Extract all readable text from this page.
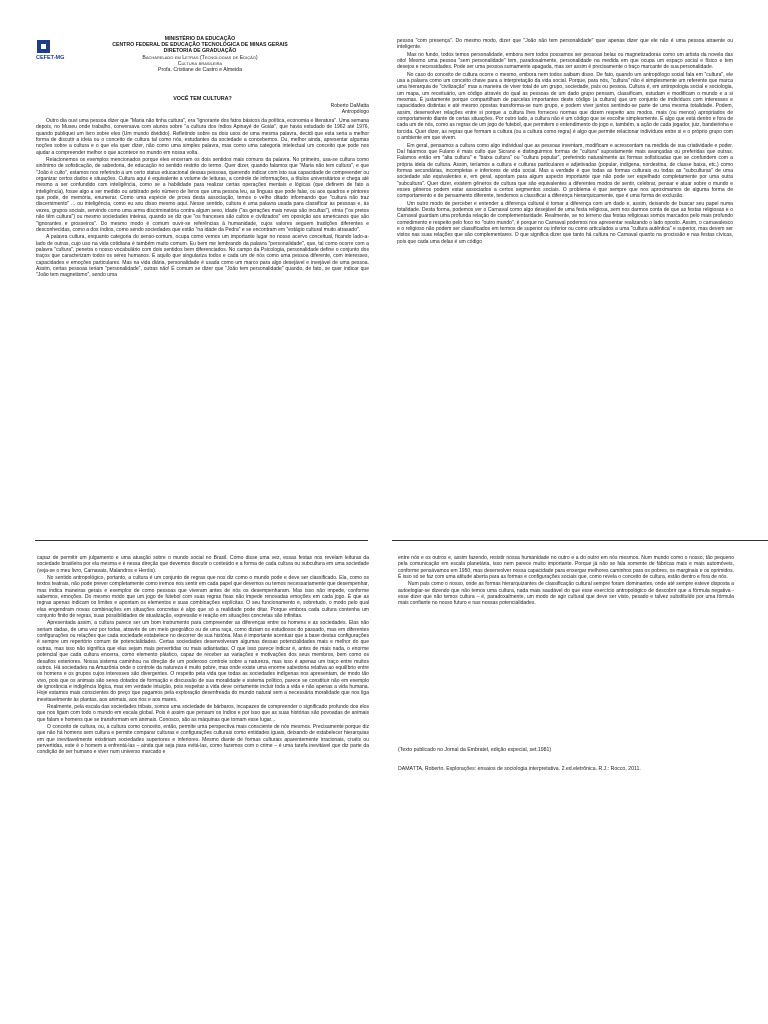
CEFET-MG
MINISTÉRIO DA EDUCAÇÃO
CENTRO FEDERAL DE EDUCAÇÃO TECNOLÓGICA DE MINAS GERAIS
DIRETORIA DE GRADUAÇÃO
Bacharelado em Letras (Tecnologias de Edição)
Cultura brasileira
Profa. Cristiane de Castro e Almeida
VOCÊ TEM CULTURA?
Roberto DaMatta
Antropólogo

Outro dia ouvi uma pessoa dizer que "Maria não tinha cultura", era "ignorante dos fatos básicos da política, economia e literatura". Uma semana depois, no Museu onde trabalho, conversava com alunos sobre "a cultura dos índios Apinayé de Goiás", que havia estudado de 1962 até 1976, quando publiquei um livro sobre eles (Um mundo dividido). Refletindo sobre os dois usos de uma mesma palavra, decidi que esta seria a melhor forma de discutir a ideia ou o conceito de cultura tal como nós, estudantes da sociedade a concebemos. Ou, melhor ainda, apresentar algumas noções sobre a cultura e o que ela quer dizer, não como uma simples palavra, mas como uma categoria intelectual um conceito que pode nos ajudar a compreender melhor o que acontece no mundo em nossa volta.

Relacionemos os exemplos mencionados porque eles encerram os dois sentidos mais comuns da palavra. No primeiro, usa-se cultura como sinônimo de sofisticação, de sabedoria, de educação no sentido restrito do termo. Quer dizer, quando falamos que "Maria não tem cultura", e que "João é culto", estamos nos referindo a um certo status educacional dessas pessoas, querendo indicar com isto sua capacidade de compreender ou organizar certos dados e situações. Cultura aqui é equivalente a volume de leituras, a controle de informações, a títulos universitários e chega até mesmo a ser confundido com inteligência, como se a habilidade para realizar certas operações mentais e lógicas (que definem de fato a inteligência), fosse algo a ser medido ou arbitrado pelo número de livros que uma pessoa leu, as línguas que pode falar, ou aos quadros e pintores que pode, de memória, enumerar. Como uma espécie de prova desta associação, temos o velho ditado informando que "cultura não traz discernimento" ... ou inteligência, como eu sou disso mesmo aqui. Nesse sentido, cultura é uma palavra usada para classificar as pessoas e, às vezes, grupos sociais, servindo como uma arma discriminatória contra algum sexo, idade ("as gerações mais novas são incultas"), etnia ("os pretos não têm cultura") ou mesmo sociedades inteiras, quando se diz que "os franceses são cultos e civilizados" em oposição aos americanos que são "ignorantes e grosseiros". Do mesmo modo é comum ouvir-se referências à humanidade, cujos valores seguem tradições diferentes e desconhecidas, como a dos índios, como sendo sociedades que estão "na idade da Pedra" e se encontram em "estágio cultural muito atrasado".

A palavra cultura, enquanto categoria do senso-comum, ocupa como vemos um importante lugar no nosso acervo conceitual, ficando lado-a-lado de outras, cujo uso na vida cotidiana é também muito comum. Eu bem me lembrando da palavra "personalidade", que, tal como ocorre com a palavra "cultura", penetra o nosso vocabulário com dois sentidos bem diferenciados. No campo da Psicologia, personalidade define o conjunto dos traços que caracterizam todos os seres humanos. É aquilo que singulariza todos e cada um de nós como uma pessoa diferente, com interesses, capacidades e emoções particulares. Mas na vida diária, personalidade é usada como um marco para algo desejável e invejável de uma pessoa. Assim, certas pessoas teriam "personalidade", outras não! É comum se dizer que "João tem personalidade" quando, de fato, se quer indicar que "João tem magnetismo", sendo uma

pessoa "com presença". Do mesmo modo, dizer que "João não tem personalidade" quer apenas dizer que ele não é uma pessoa atraente ou inteligente.

Mas no fundo, todos temos personalidade, embora nem todos possamos ser pessoas belas ou magnetizadoras como um artista da novela das oito! Mesmo uma pessoa "sem personalidade" tem, paradoxalmente, personalidade na medida em que ocupa um espaço social e físico e tem desejos e necessidades. Pode ser uma pessoa sumamente apagada, mas ser assim é precisamente o traço marcante de sua personalidade.

No caso do conceito de cultura ocorre o mesmo, embora nem todos saibam disso. De fato, quando um antropólogo social fala em "cultura", ele usa a palavra como um conceito chave para a interpretação da vida social. Porque, para nós, "cultura" não é simplesmente um referente que marca uma hierarquia de "civilização" mas a maneira de viver total de um grupo, sociedade, país ou pessoa. Cultura é, em antropologia social e sociologia, um mapa, um receituário, um código através do qual as pessoas de um dado grupo pensam, classificam, estudam e modificam o mundo e a si mesmas. É justamente porque compartilham de parcelas importantes deste código (a cultura) que um conjunto de indivíduos com interesses e capacidades distintas e até mesmo opostas transforma-se num grupo, e podem viver juntos sentindo-se parte de uma mesma totalidade. Podem, assim, desenvolver relações entre si porque a cultura lhes forneceu normas que dizem respeito aos modos, mais (ou menos) apropriados de comportamento diante de certas situações. Por outro lado, a cultura não é um código que se escolhe simplesmente. É algo que está dentro e fora de cada um de nós, como as regras de um jogo de futebol, que permitem o entendimento do jogo e, também, a ação de cada jogador, juiz, bandeirinha e torcida. Quer dizer, as regras que formam a cultura (ou a cultura como regra) é algo que permite relacionar indivíduos entre si e o próprio grupo com o ambiente em que vivem.

Em geral, pensamos a cultura como algo individual que as pessoas inventam, modificam e acrescentam na medida de sua criatividade e poder. Daí falarmos que Fulano é mais culto que Sicrano e distinguirmos formas de "cultura" supostamente mais avançadas ou preferidas que outras. Falamos então em "alta cultura" e "baixa cultura" ou "cultura popular", preferindo naturalmente as formas sofisticadas que se confundem com a própria ideia de cultura. Assim, teríamos a cultura e culturas particulares e adjetivadas (popular, indígena, nordestina, de classe baixa, etc.) como formas secundárias, incompletas e inferiores de vida social. Mas a verdade é que todas as formas culturais ou todas as "subculturas" de uma sociedade são equivalentes e, em geral, apontam para algum aspecto importante que não pode ser espelhado completamente por uma outra "subcultura". Quer dizer, existem gêneros de cultura que são equivalentes a diferentes modos de sentir, celebrar, pensar e atuar sobre o mundo e esses gêneros podem estar associados a certos segmentos sociais. O problema é que sempre que nos aproximamos de alguma forma de comportamento e de pensamento diferente, tendemos a classificar a diferença hierarquicamente, que é uma forma de exclusão.

Um outro modo de perceber e entender a diferença cultural é tomar a diferença com um dado e, assim, deixando de buscar seu papel numa totalidade. Desta forma, podemos ver o Carnaval como algo desejável de uma festa religiosa, sem nos darmos conta de que as festas religiosas e o Carnaval guardam uma profunda relação de complementaridade. Realmente, se no terreno das festas religiosas somos marcados pelo mais profundo comedimento e respeito pelo foco no "outro mundo", é porque no Carnaval podemos nos apresentar realizando o lado oposto. Assim, o carnavalesco e o religioso não podem ser classificados em termos de superior ou inferior ou como articulados a uma "cultura autêntica" e superior, mas devem ser vistos nas suas relações que são complementares. O que significa dizer que tanto há cultura no Carnaval quanto na procissão e nas festas cívicas, pois que cada uma delas é um código

capaz de permitir um julgamento e uma atuação sobre o mundo social no Brasil. Como disse uma vez, essas festas nos revelam leituras da sociedade brasileira por ela mesma e é nessa direção que devemos discutir o conteúdo e a forma de cada cultura ou subcultura em uma sociedade (veja-se o meu livro, Carnavais, Malandros e Heróis).

No sentido antropológico, portanto, a cultura é um conjunto de regras que nos diz como o mundo pode e deve ser classificado. Ela, como os textos teatrais, não pode prever completamente como iremos nos sentir em cada papel que devemos ou temos necessariamente que desempenhar, mas indica maneiras gerais e exemplos de como pessoas que viveram antes de nós os desempenharam. Mas isso não impede, conforme sabemos, emoções. Do mesmo modo que um jogo de futebol com suas regras fixas não impede renovadas emoções em cada jogo. É que as regras apenas indicam os limites e apontam os elementos e suas combinações explícitas. O seu funcionamento e, sobretudo, o modo pelo qual elas engendram novas combinações em situações concretas é algo que só a realidade pode ditar. Porque embora cada cultura contenha um conjunto finito de regras, suas possibilidades de atualização, expressão e reação em situações concretas são infinitas.

Apresentada assim, a cultura parece ser um bom instrumento para compreender as diferenças entre os homens e as sociedades. Elas não seriam dadas, de uma vez por todas, através de um meio geográfico ou de uma raça, como diziam os estudiosos do passado, mas em diferentes configurações ou relações que cada sociedade estabelece no decorrer de sua história. Mas é importante acentuar que a base destas configurações é sempre um repertório comum de potencialidades. Certas sociedades desenvolveram algumas dessas potencialidades mais e melhor do que outras, mas isso não significa que elas sejam mais pervertidas ou mais adiantadas. O que isso parece indicar é, antes de mais nada, o enorme potencial que cada cultura encerra, como elemento plástico, capaz de receber as variações e motivações dos seus membros, bem como os desafios exteriores. Nossa sistema caminhou na direção de um poderoso controle sobre a natureza, mas isso é apenas um traço entre muitos outros. Há sociedades na Amazônia onde o controle da natureza é muito pobre, mas onde existe uma enorme sabedoria relativa ao equilíbrio entre os homens e os grupos cujos interesses são divergentes. O respeito pela vida que todas as sociedades indígenas nos apresentam, de modo tão vivo, pois que os animais são seres dotados de formação e discussão de sua moralidade e sistema político, parece se constituir não em exemplo de ignorância e indigência lógica, mas em verdade intuição, pois respeitar a vida deve certamente incluir toda a vida e não apenas a vida humana. Hoje estamos mais conscientes do preço que pagamos pela exploração desenfreada do mundo natural sem a necessária moralidade que nos liga inevitavelmente às plantas, aos animais, aos rios e aos mares.

Realmente, pela escala das sociedades tribais, somos uma sociedade de bárbaros, incapazes de compreender o significado profundo dos elos que nos ligam com todo o mundo em escala global. Pois é assim que pensam os índios e por isso que as suas histórias são povoadas de animais que falam e homens que se transformam em animais. Conosco, são as máquinas que tomam esse lugar...

O conceito de cultura, ou, a cultura como conceito, então, permite uma perspectiva mais consciente de nós mesmos. Precisamente porque diz que não há homens sem cultura e permite comparar culturas e configurações culturais como entidades iguais, deixando de estabelecer hierarquias em que inevitavelmente existiriam sociedades superiores e inferiores. Mesmo diante de formas culturais aparentemente irracionais, cruéis ou pervertidas, este é o homem a enfrentá-las – ainda que seja para evitá-las, como fazemos com o crime – é uma tarefa inevitável que diz parte da condição de ser humano e viver num universo marcado e

entre nós e os outros e, assim fazendo, resistir nossa humanidade no outro e a do outro em nós mesmos. Num mundo como o nosso, tão pequeno pela comunicação em escala planetária, isso nem parece muito importante. Porque já não se fala somente de fábricas mais e mais automóveis, conforme pensávamos em 1950, mas desenvolver nossa capacidade para enxergar melhores caminhos para os pobres, os marginais e os oprimidos. É isso só se faz com uma atitude aberta para as formas e configurações sociais que, como revela o conceito de cultura, estão dentro e fora de nós.

Num país como o nosso, onde as formas hierarquizantes de classificação cultural sempre foram dominantes, onde até sempre esteve disposta a autoelogiar-se dizendo que não temos uma cultura, nada mais saudável do que esse exercício antropológico de descobrir que a fórmula negativa - esse dizer que não temos cultura – é, paradoxalmente, um modo de agir cultural que deve ser visto, pesado e talvez substituído por uma fórmula mais confiante no nosso futuro e nas nossas potencialidades.

(Texto publicado no Jornal da Embratel, edição especial, set.1981)
DAMATTA, Roberto. Explorações: ensaios de sociologia interpretativa. 2.ed.eletrônica. R.J.: Rocco, 2011.
